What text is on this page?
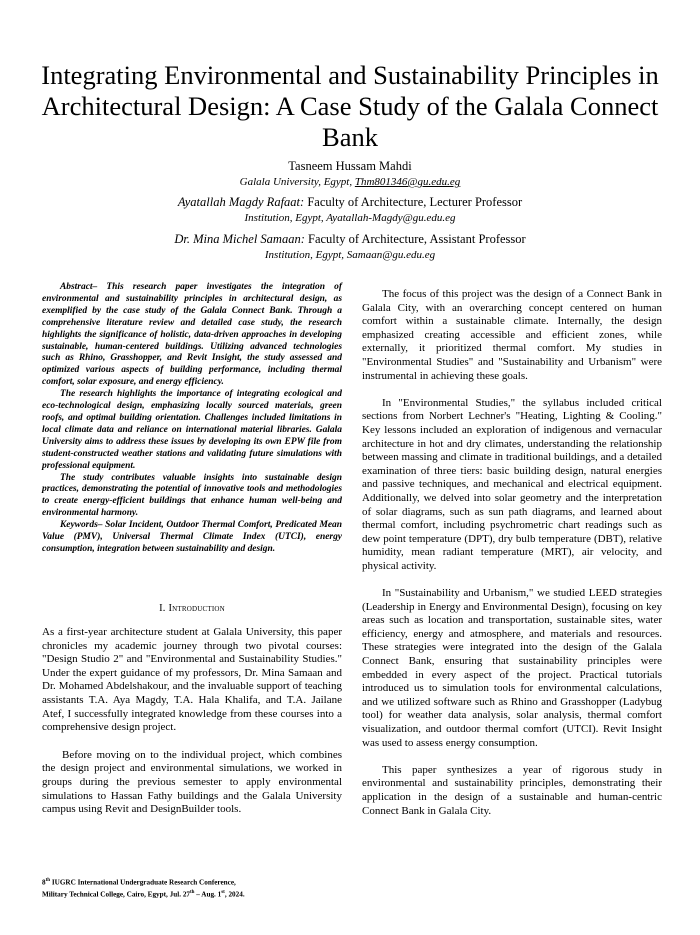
Integrating Environmental and Sustainability Principles in Architectural Design: A Case Study of the Galala Connect Bank
Tasneem Hussam Mahdi
Galala University, Egypt, Thm801346@gu.edu.eg
Ayatallah Magdy Rafaat: Faculty of Architecture, Lecturer Professor
Institution, Egypt, Ayatallah-Magdy@gu.edu.eg
Dr. Mina Michel Samaan: Faculty of Architecture, Assistant Professor
Institution, Egypt, Samaan@gu.edu.eg

Abstract– This research paper investigates the integration of environmental and sustainability principles in architectural design, as exemplified by the case study of the Galala Connect Bank. Through a comprehensive literature review and detailed case study, the research highlights the significance of holistic, data-driven approaches in developing sustainable, human-centered buildings. Utilizing advanced technologies such as Rhino, Grasshopper, and Revit Insight, the study assessed and optimized various aspects of building performance, including thermal comfort, solar exposure, and energy efficiency.

The research highlights the importance of integrating ecological and eco-technological design, emphasizing locally sourced materials, green roofs, and optimal building orientation. Challenges included limitations in local climate data and reliance on international material libraries. Galala University aims to address these issues by developing its own EPW file from student-constructed weather stations and validating future simulations with professional equipment.

The study contributes valuable insights into sustainable design practices, demonstrating the potential of innovative tools and methodologies to create energy-efficient buildings that enhance human well-being and environmental harmony.

Keywords– Solar Incident, Outdoor Thermal Comfort, Predicated Mean Value (PMV), Universal Thermal Climate Index (UTCI), energy consumption, integration between sustainability and design.

I. Introduction

As a first-year architecture student at Galala University, this paper chronicles my academic journey through two pivotal courses: "Design Studio 2" and "Environmental and Sustainability Studies." Under the expert guidance of my professors, Dr. Mina Samaan and Dr. Mohamed Abdelshakour, and the invaluable support of teaching assistants T.A. Aya Magdy, T.A. Hala Khalifa, and T.A. Jailane Atef, I successfully integrated knowledge from these courses into a comprehensive design project.

Before moving on to the individual project, which combines the design project and environmental simulations, we worked in groups during the previous semester to apply environmental simulations to Hassan Fathy buildings and the Galala University campus using Revit and DesignBuilder tools.

The focus of this project was the design of a Connect Bank in Galala City, with an overarching concept centered on human comfort within a sustainable climate. Internally, the design emphasized creating accessible and efficient zones, while externally, it prioritized thermal comfort. My studies in "Environmental Studies" and "Sustainability and Urbanism" were instrumental in achieving these goals.

In "Environmental Studies," the syllabus included critical sections from Norbert Lechner's "Heating, Lighting & Cooling." Key lessons included an exploration of indigenous and vernacular architecture in hot and dry climates, understanding the relationship between massing and climate in traditional buildings, and a detailed examination of three tiers: basic building design, natural energies and passive techniques, and mechanical and electrical equipment. Additionally, we delved into solar geometry and the interpretation of solar diagrams, such as sun path diagrams, and learned about thermal comfort, including psychrometric chart readings such as dew point temperature (DPT), dry bulb temperature (DBT), relative humidity, mean radiant temperature (MRT), air velocity, and physical activity.

In "Sustainability and Urbanism," we studied LEED strategies (Leadership in Energy and Environmental Design), focusing on key areas such as location and transportation, sustainable sites, water efficiency, energy and atmosphere, and materials and resources. These strategies were integrated into the design of the Galala Connect Bank, ensuring that sustainability principles were embedded in every aspect of the project. Practical tutorials introduced us to simulation tools for environmental calculations, and we utilized software such as Rhino and Grasshopper (Ladybug tool) for weather data analysis, solar analysis, thermal comfort visualization, and outdoor thermal comfort (UTCI). Revit Insight was used to assess energy consumption.

This paper synthesizes a year of rigorous study in environmental and sustainability principles, demonstrating their application in the design of a sustainable and human-centric Connect Bank in Galala City.

8th IUGRC International Undergraduate Research Conference,
Military Technical College, Cairo, Egypt, Jul. 27th – Aug. 1st, 2024.
